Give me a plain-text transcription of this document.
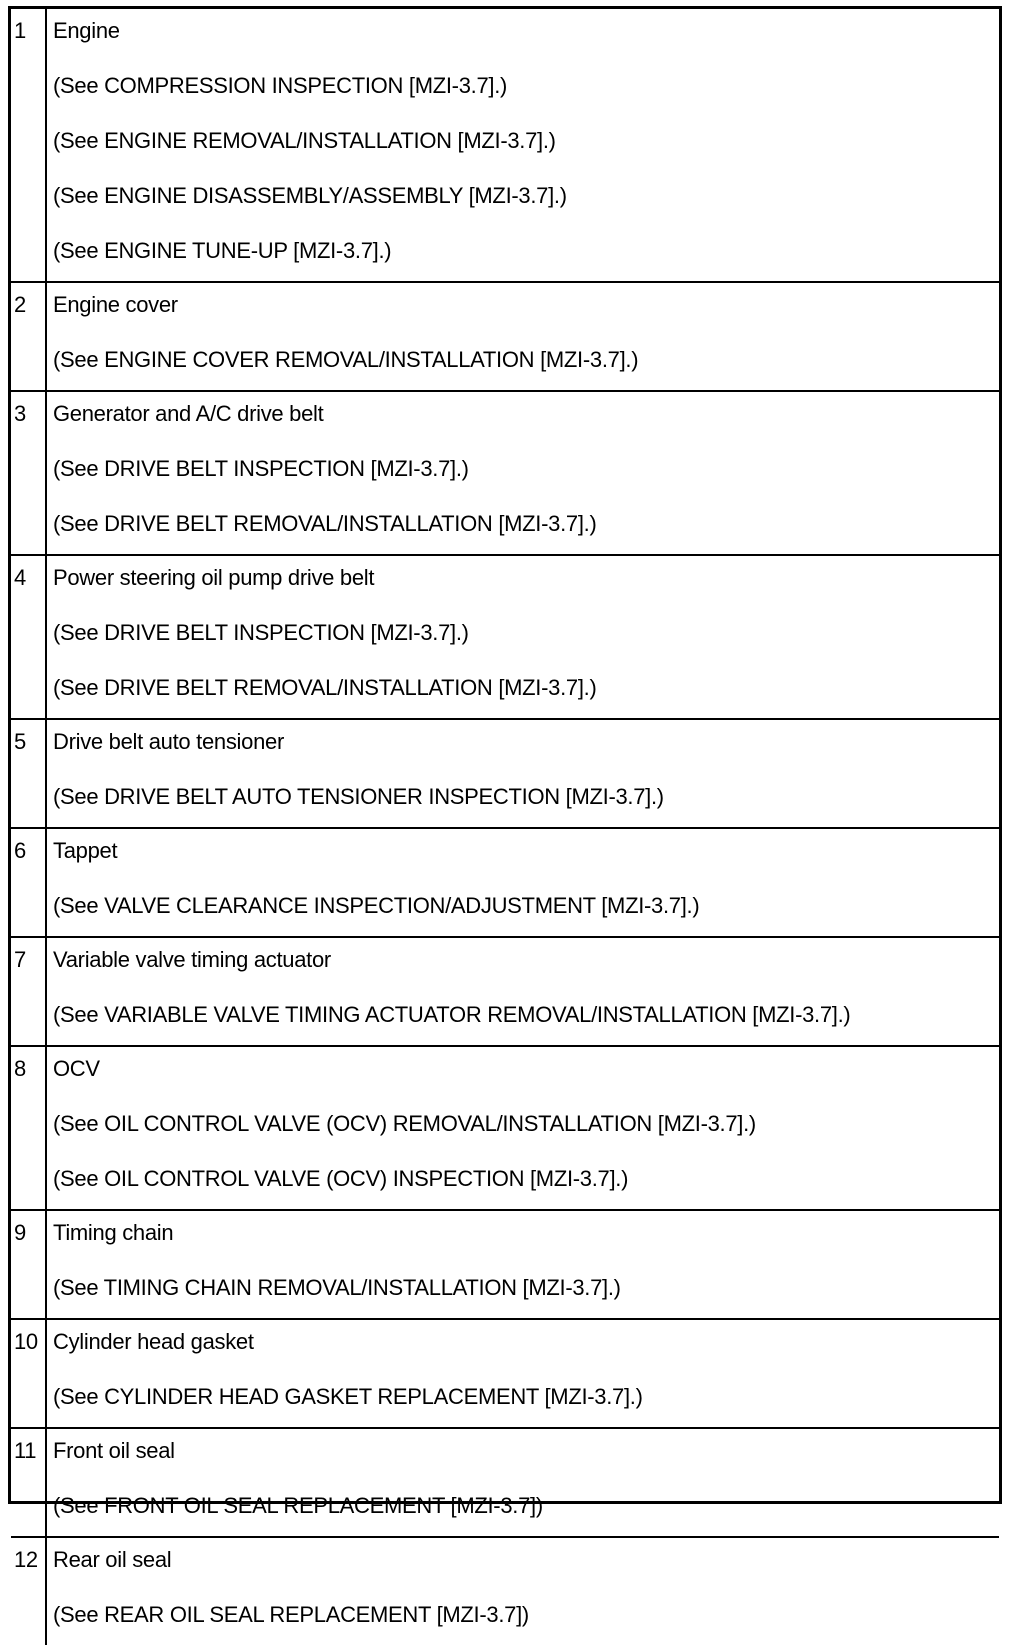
1	Engine
(See COMPRESSION INSPECTION [MZI-3.7].)
(See ENGINE REMOVAL/INSTALLATION [MZI-3.7].)
(See ENGINE DISASSEMBLY/ASSEMBLY [MZI-3.7].)
(See ENGINE TUNE-UP [MZI-3.7].)
2	Engine cover
(See ENGINE COVER REMOVAL/INSTALLATION [MZI-3.7].)
3	Generator and A/C drive belt
(See DRIVE BELT INSPECTION [MZI-3.7].)
(See DRIVE BELT REMOVAL/INSTALLATION [MZI-3.7].)
4	Power steering oil pump drive belt
(See DRIVE BELT INSPECTION [MZI-3.7].)
(See DRIVE BELT REMOVAL/INSTALLATION [MZI-3.7].)
5	Drive belt auto tensioner
(See DRIVE BELT AUTO TENSIONER INSPECTION [MZI-3.7].)
6	Tappet
(See VALVE CLEARANCE INSPECTION/ADJUSTMENT [MZI-3.7].)
7	Variable valve timing actuator
(See VARIABLE VALVE TIMING ACTUATOR REMOVAL/INSTALLATION [MZI-3.7].)
8	OCV
(See OIL CONTROL VALVE (OCV) REMOVAL/INSTALLATION [MZI-3.7].)
(See OIL CONTROL VALVE (OCV) INSPECTION [MZI-3.7].)
9	Timing chain
(See TIMING CHAIN REMOVAL/INSTALLATION [MZI-3.7].)
10 Cylinder head gasket
(See CYLINDER HEAD GASKET REPLACEMENT [MZI-3.7].)
11 Front oil seal
(See FRONT OIL SEAL REPLACEMENT [MZI-3.7])
12 Rear oil seal
(See REAR OIL SEAL REPLACEMENT [MZI-3.7])
